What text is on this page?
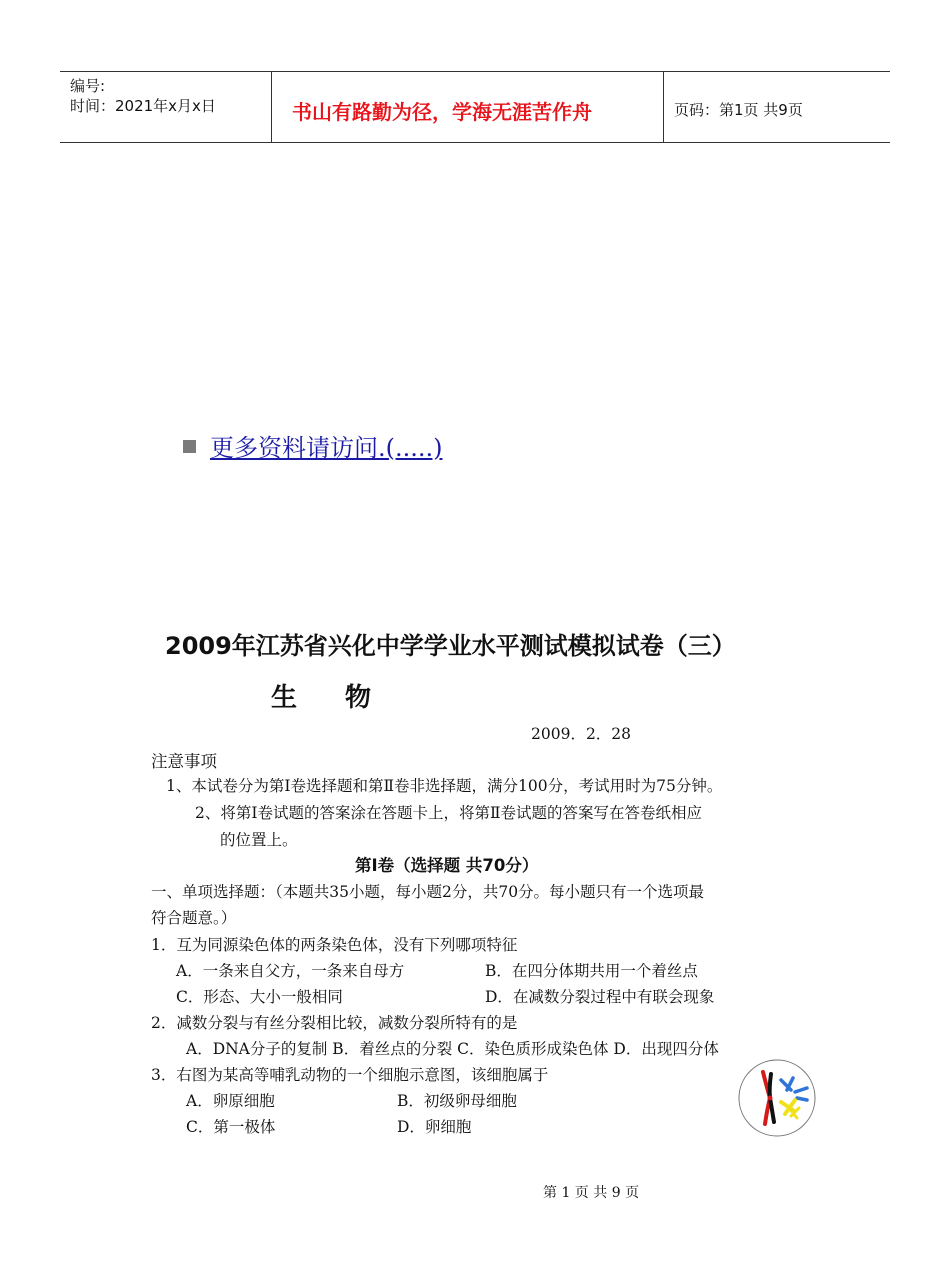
编号:
时间：2021年x月x日	书山有路勤为径，学海无涯苦作舟	页码：第1页 共9页
更多资料请访问.(.....)
2009年江苏省兴化中学学业水平测试模拟试卷（三）
生物
2009．2．28
注意事项
1、本试卷分为第Ⅰ卷选择题和第Ⅱ卷非选择题，满分100分，考试用时为75分钟。
2、将第Ⅰ卷试题的答案涂在答题卡上，将第Ⅱ卷试题的答案写在答卷纸相应
的位置上。
第Ⅰ卷（选择题 共70分）
一、单项选择题：（本题共35小题，每小题2分，共70分。每小题只有一个选项最
符合题意。）
1．互为同源染色体的两条染色体，没有下列哪项特征
A．一条来自父方，一条来自母方	B．在四分体期共用一个着丝点
C．形态、大小一般相同	D．在减数分裂过程中有联会现象
2．减数分裂与有丝分裂相比较，减数分裂所特有的是
A．DNA分子的复制 B．着丝点的分裂 C．染色质形成染色体 D．出现四分体
3．右图为某高等哺乳动物的一个细胞示意图，该细胞属于
A．卵原细胞	B．初级卵母细胞
C．第一极体	D．卵细胞
第 1 页 共 9 页
